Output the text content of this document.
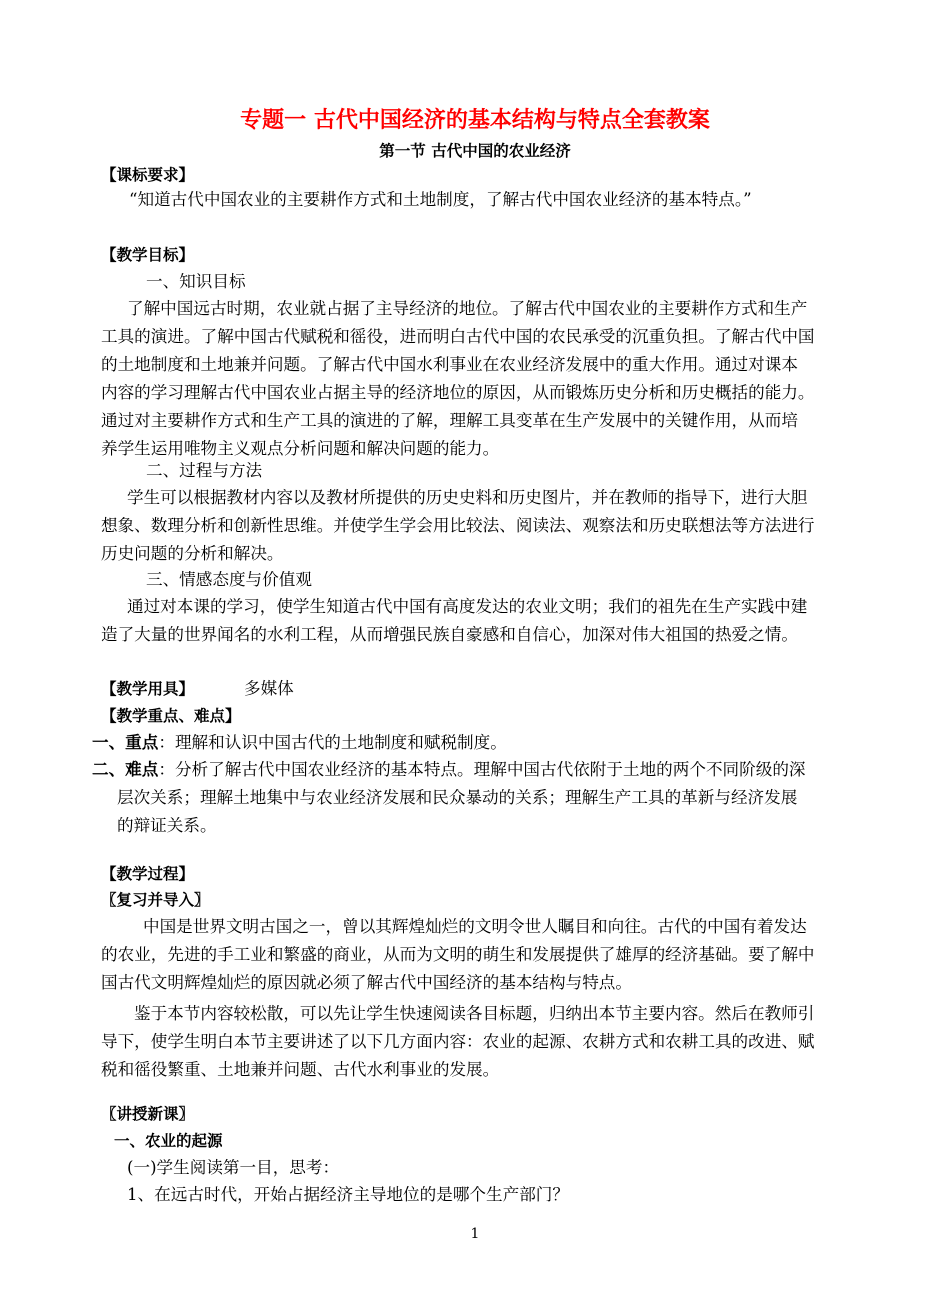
专题一 古代中国经济的基本结构与特点全套教案
第一节 古代中国的农业经济
【课标要求】
“知道古代中国农业的主要耕作方式和土地制度，了解古代中国农业经济的基本特点。”
【教学目标】
一、知识目标
了解中国远古时期，农业就占据了主导经济的地位。了解古代中国农业的主要耕作方式和生产
工具的演进。了解中国古代赋税和徭役，进而明白古代中国的农民承受的沉重负担。了解古代中国
的土地制度和土地兼并问题。了解古代中国水利事业在农业经济发展中的重大作用。通过对课本
内容的学习理解古代中国农业占据主导的经济地位的原因，从而锻炼历史分析和历史概括的能力。
通过对主要耕作方式和生产工具的演进的了解，理解工具变革在生产发展中的关键作用，从而培
养学生运用唯物主义观点分析问题和解决问题的能力。
二、过程与方法
学生可以根据教材内容以及教材所提供的历史史料和历史图片，并在教师的指导下，进行大胆
想象、数理分析和创新性思维。并使学生学会用比较法、阅读法、观察法和历史联想法等方法进行
历史问题的分析和解决。
三、情感态度与价值观
通过对本课的学习，使学生知道古代中国有高度发达的农业文明；我们的祖先在生产实践中建
造了大量的世界闻名的水利工程，从而增强民族自豪感和自信心，加深对伟大祖国的热爱之情。
【教学用具】	多媒体
【教学重点、难点】
一、重点：理解和认识中国古代的土地制度和赋税制度。
二、难点：分析了解古代中国农业经济的基本特点。理解中国古代依附于土地的两个不同阶级的深
层次关系；理解土地集中与农业经济发展和民众暴动的关系；理解生产工具的革新与经济发展
的辩证关系。
【教学过程】
〖复习并导入〗
中国是世界文明古国之一，曾以其辉煌灿烂的文明令世人瞩目和向往。古代的中国有着发达
的农业，先进的手工业和繁盛的商业，从而为文明的萌生和发展提供了雄厚的经济基础。要了解中
国古代文明辉煌灿烂的原因就必须了解古代中国经济的基本结构与特点。
鉴于本节内容较松散，可以先让学生快速阅读各目标题，归纳出本节主要内容。然后在教师引
导下，使学生明白本节主要讲述了以下几方面内容：农业的起源、农耕方式和农耕工具的改进、赋
税和徭役繁重、土地兼并问题、古代水利事业的发展。
〖讲授新课〗
一、农业的起源
(一)学生阅读第一目，思考：
1、在远古时代，开始占据经济主导地位的是哪个生产部门？
1
